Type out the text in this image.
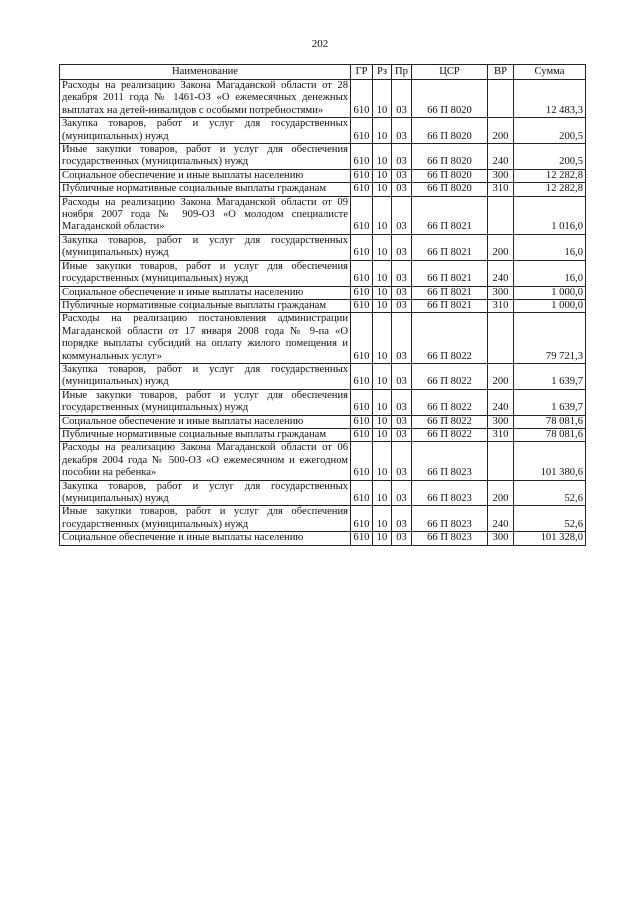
202
Наименование	ГР	Рз	Пр	ЦСР	ВР	Сумма
Расходы на реализацию Закона Магаданской области от 28 декабря 2011 года № 1461-ОЗ «О ежемесячных денежных выплатах на детей-инвалидов с особыми потребностями»	610	10	03	66 П 8020		12 483,3
Закупка товаров, работ и услуг для государственных (муниципальных) нужд	610	10	03	66 П 8020	200	200,5
Иные закупки товаров, работ и услуг для обеспечения государственных (муниципальных) нужд	610	10	03	66 П 8020	240	200,5
Социальное обеспечение и иные выплаты населению	610	10	03	66 П 8020	300	12 282,8
Публичные нормативные социальные выплаты гражданам	610	10	03	66 П 8020	310	12 282,8
Расходы на реализацию Закона Магаданской области от 09 ноября 2007 года № 909-ОЗ «О молодом специалисте Магаданской области»	610	10	03	66 П 8021		1 016,0
Закупка товаров, работ и услуг для государственных (муниципальных) нужд	610	10	03	66 П 8021	200	16,0
Иные закупки товаров, работ и услуг для обеспечения государственных (муниципальных) нужд	610	10	03	66 П 8021	240	16,0
Социальное обеспечение и иные выплаты населению	610	10	03	66 П 8021	300	1 000,0
Публичные нормативные социальные выплаты гражданам	610	10	03	66 П 8021	310	1 000,0
Расходы на реализацию постановления администрации Магаданской области от 17 января 2008 года № 9-па «О порядке выплаты субсидий на оплату жилого помещения и коммунальных услуг»	610	10	03	66 П 8022		79 721,3
Закупка товаров, работ и услуг для государственных (муниципальных) нужд	610	10	03	66 П 8022	200	1 639,7
Иные закупки товаров, работ и услуг для обеспечения государственных (муниципальных) нужд	610	10	03	66 П 8022	240	1 639,7
Социальное обеспечение и иные выплаты населению	610	10	03	66 П 8022	300	78 081,6
Публичные нормативные социальные выплаты гражданам	610	10	03	66 П 8022	310	78 081,6
Расходы на реализацию Закона Магаданской области от 06 декабря 2004 года № 500-ОЗ «О ежемесячном и ежегодном пособии на ребенка»	610	10	03	66 П 8023		101 380,6
Закупка товаров, работ и услуг для государственных (муниципальных) нужд	610	10	03	66 П 8023	200	52,6
Иные закупки товаров, работ и услуг для обеспечения государственных (муниципальных) нужд	610	10	03	66 П 8023	240	52,6
Социальное обеспечение и иные выплаты населению	610	10	03	66 П 8023	300	101 328,0
